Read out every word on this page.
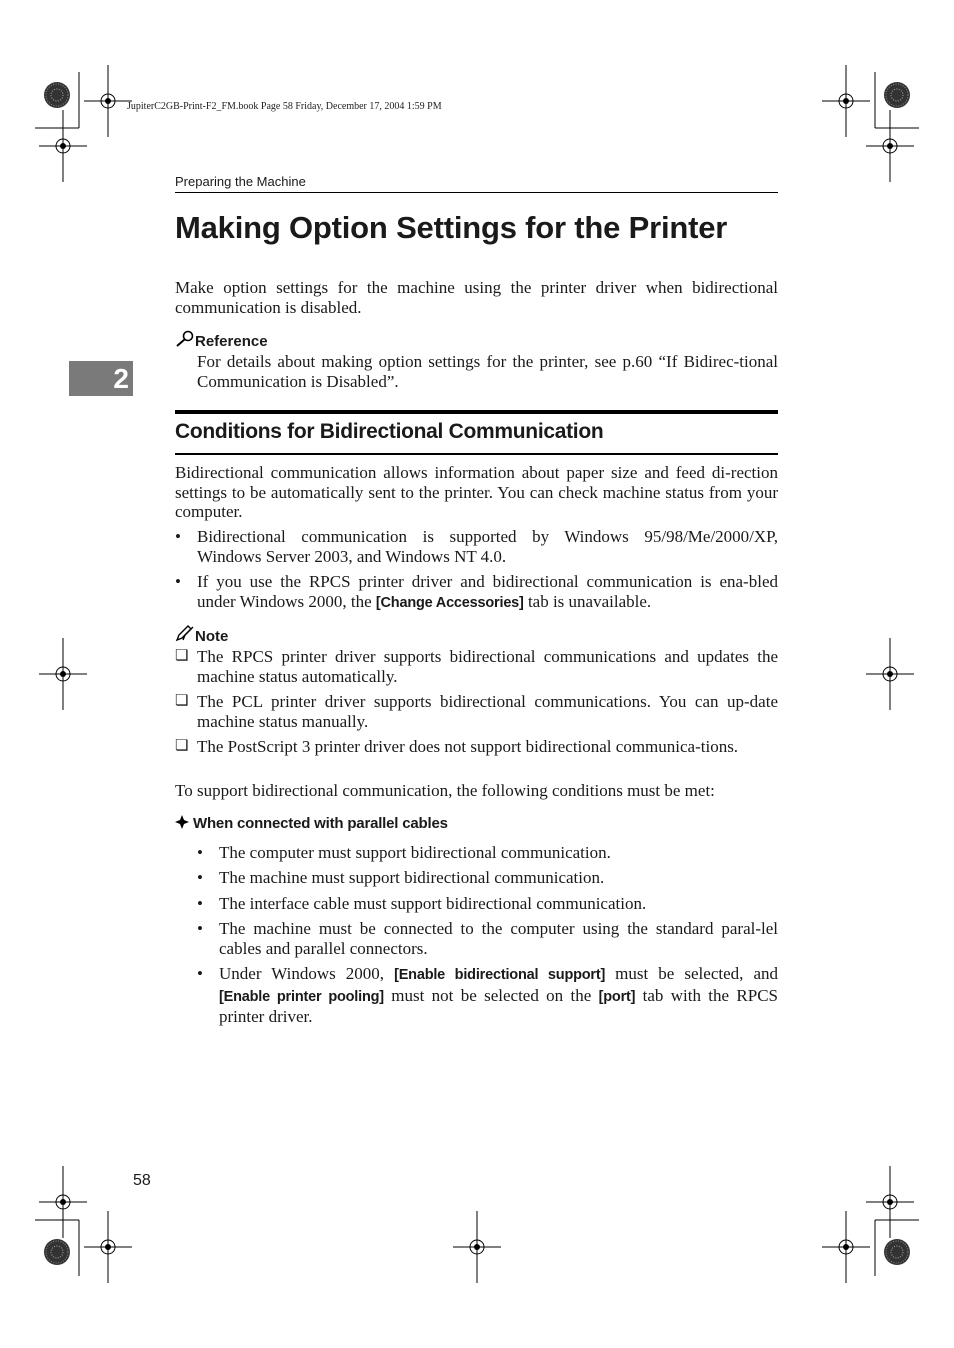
JupiterC2GB-Print-F2_FM.book Page 58 Friday, December 17, 2004 1:59 PM
Preparing the Machine
Making Option Settings for the Printer
Make option settings for the machine using the printer driver when bidirectional communication is disabled.
Reference
For details about making option settings for the printer, see p.60 “If Bidirec-tional Communication is Disabled”.
2
Conditions for Bidirectional Communication
Bidirectional communication allows information about paper size and feed di-rection settings to be automatically sent to the printer. You can check machine status from your computer.
• Bidirectional communication is supported by Windows 95/98/Me/2000/XP, Windows Server 2003, and Windows NT 4.0.
• If you use the RPCS printer driver and bidirectional communication is ena-bled under Windows 2000, the [Change Accessories] tab is unavailable.
Note
❏ The RPCS printer driver supports bidirectional communications and updates the machine status automatically.
❏ The PCL printer driver supports bidirectional communications. You can up-date machine status manually.
❏ The PostScript 3 printer driver does not support bidirectional communica-tions.
To support bidirectional communication, the following conditions must be met:
When connected with parallel cables
• The computer must support bidirectional communication.
• The machine must support bidirectional communication.
• The interface cable must support bidirectional communication.
• The machine must be connected to the computer using the standard paral-lel cables and parallel connectors.
• Under Windows 2000, [Enable bidirectional support] must be selected, and [Enable printer pooling] must not be selected on the [port] tab with the RPCS printer driver.
58
